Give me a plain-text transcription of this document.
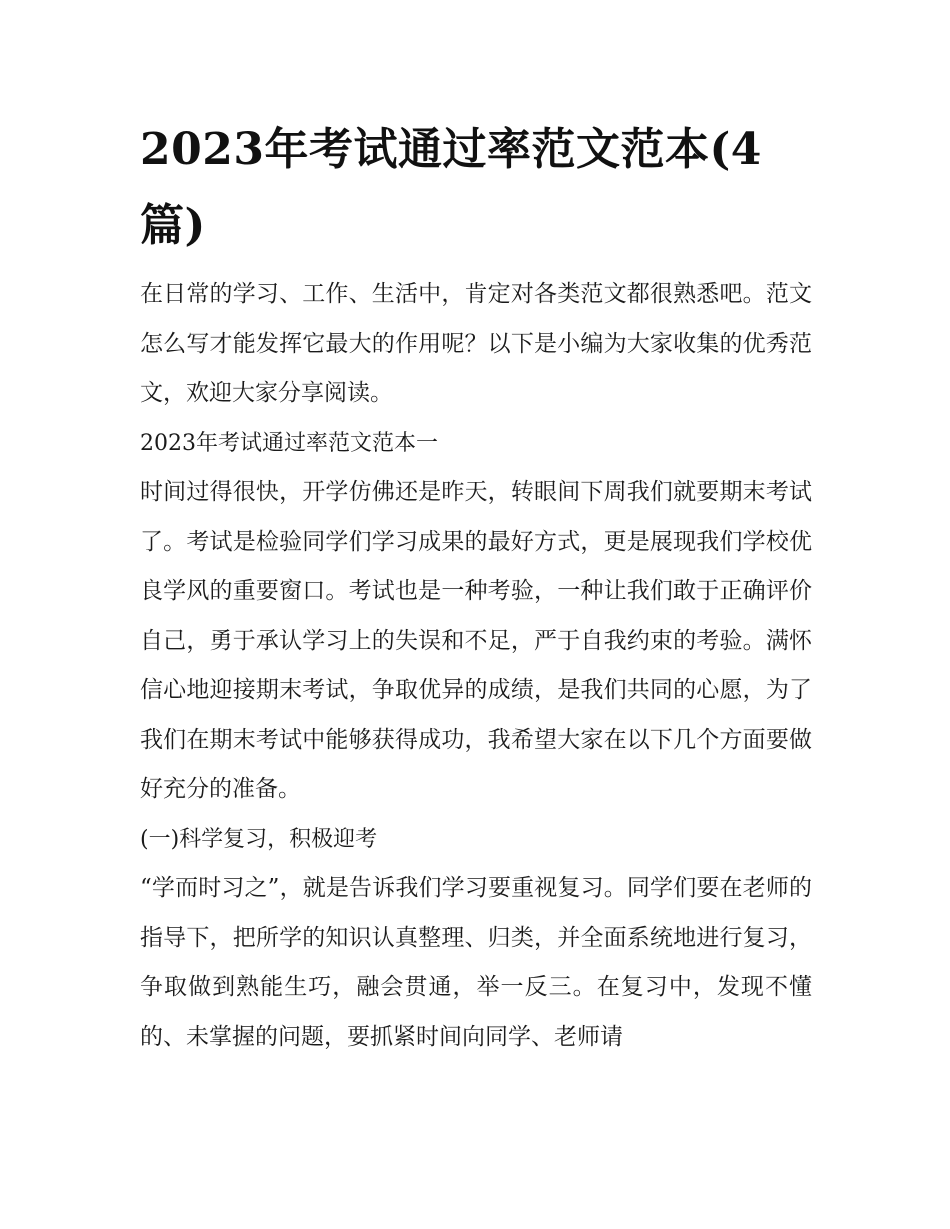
2023年考试通过率范文范本(4篇)

在日常的学习、工作、生活中，肯定对各类范文都很熟悉吧。范文怎么写才能发挥它最大的作用呢？以下是小编为大家收集的优秀范文，欢迎大家分享阅读。

2023年考试通过率范文范本一

时间过得很快，开学仿佛还是昨天，转眼间下周我们就要期末考试了。考试是检验同学们学习成果的最好方式，更是展现我们学校优良学风的重要窗口。考试也是一种考验，一种让我们敢于正确评价自己，勇于承认学习上的失误和不足，严于自我约束的考验。满怀信心地迎接期末考试，争取优异的成绩，是我们共同的心愿，为了我们在期末考试中能够获得成功，我希望大家在以下几个方面要做好充分的准备。

(一)科学复习，积极迎考

“学而时习之”，就是告诉我们学习要重视复习。同学们要在老师的指导下，把所学的知识认真整理、归类，并全面系统地进行复习，争取做到熟能生巧，融会贯通，举一反三。在复习中，发现不懂的、未掌握的问题，要抓紧时间向同学、老师请
